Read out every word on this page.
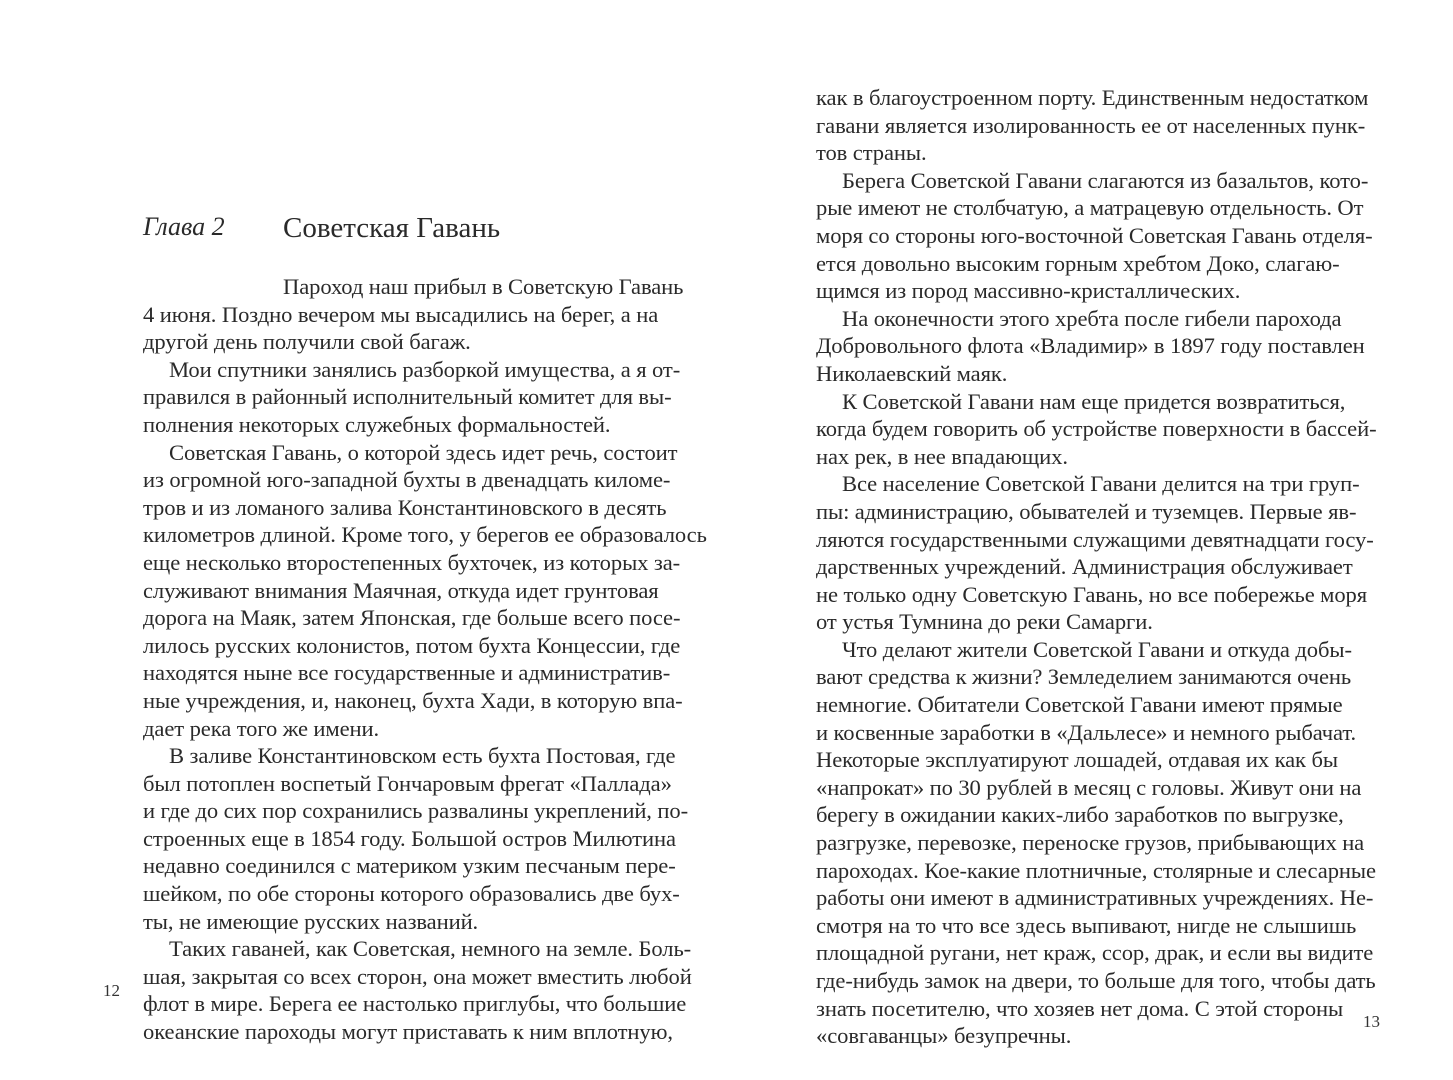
Глава 2 Советская Гавань
Пароход наш прибыл в Советскую Гавань
4 июня. Поздно вечером мы высадились на берег, а на
другой день получили свой багаж.
Мои спутники занялись разборкой имущества, а я от-
правился в районный исполнительный комитет для вы-
полнения некоторых служебных формальностей.
Советская Гавань, о которой здесь идет речь, состоит
из огромной юго-западной бухты в двенадцать киломе-
тров и из ломаного залива Константиновского в десять
километров длиной. Кроме того, у берегов ее образовалось
еще несколько второстепенных бухточек, из которых за-
служивают внимания Маячная, откуда идет грунтовая
дорога на Маяк, затем Японская, где больше всего посе-
лилось русских колонистов, потом бухта Концессии, где
находятся ныне все государственные и административ-
ные учреждения, и, наконец, бухта Хади, в которую впа-
дает река того же имени.
В заливе Константиновском есть бухта Постовая, где
был потоплен воспетый Гончаровым фрегат «Паллада»
и где до сих пор сохранились развалины укреплений, по-
строенных еще в 1854 году. Большой остров Милютина
недавно соединился с материком узким песчаным пере-
шейком, по обе стороны которого образовались две бух-
ты, не имеющие русских названий.
Таких гаваней, как Советская, немного на земле. Боль-
шая, закрытая со всех сторон, она может вместить любой
флот в мире. Берега ее настолько приглубы, что большие
океанские пароходы могут приставать к ним вплотную,
12
как в благоустроенном порту. Единственным недостатком
гавани является изолированность ее от населенных пунк-
тов страны.
Берега Советской Гавани слагаются из базальтов, кото-
рые имеют не столбчатую, а матрацевую отдельность. От
моря со стороны юго-восточной Советская Гавань отделя-
ется довольно высоким горным хребтом Доко, слагаю-
щимся из пород массивно-кристаллических.
На оконечности этого хребта после гибели парохода
Добровольного флота «Владимир» в 1897 году поставлен
Николаевский маяк.
К Советской Гавани нам еще придется возвратиться,
когда будем говорить об устройстве поверхности в бассей-
нах рек, в нее впадающих.
Все население Советской Гавани делится на три груп-
пы: администрацию, обывателей и туземцев. Первые яв-
ляются государственными служащими девятнадцати госу-
дарственных учреждений. Администрация обслуживает
не только одну Советскую Гавань, но все побережье моря
от устья Тумнина до реки Самарги.
Что делают жители Советской Гавани и откуда добы-
вают средства к жизни? Земледелием занимаются очень
немногие. Обитатели Советской Гавани имеют прямые
и косвенные заработки в «Дальлесе» и немного рыбачат.
Некоторые эксплуатируют лошадей, отдавая их как бы
«напрокат» по 30 рублей в месяц с головы. Живут они на
берегу в ожидании каких-либо заработков по выгрузке,
разгрузке, перевозке, переноске грузов, прибывающих на
пароходах. Кое-какие плотничные, столярные и слесарные
работы они имеют в административных учреждениях. Не-
смотря на то что все здесь выпивают, нигде не слышишь
площадной ругани, нет краж, ссор, драк, и если вы видите
где-нибудь замок на двери, то больше для того, чтобы дать
знать посетителю, что хозяев нет дома. С этой стороны
«совгаванцы» безупречны.
13
